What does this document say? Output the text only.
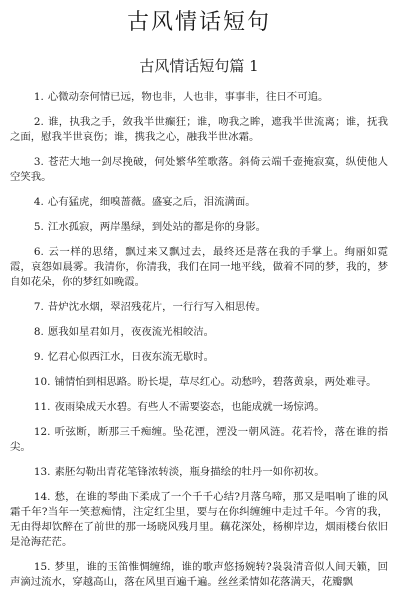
古风情话短句
古风情话短句篇 1

1. 心微动奈何情已远，物也非，人也非，事事非，往日不可追。

2. 谁，执我之手，敛我半世癫狂；谁，吻我之眸，遮我半世流离；谁，抚我之面，慰我半世哀伤；谁，携我之心，融我半世冰霜。

3. 苍茫大地一剑尽挽破，何处繁华笙歌落。斜倚云端千壶掩寂寞，纵使他人空笑我。

4. 心有猛虎，细嗅蔷薇。盛宴之后，泪流满面。

5. 江水孤寂，两岸墨绿，到处站的都是你的身影。

6. 云一样的思绪，飘过来又飘过去，最终还是落在我的手掌上。绚丽如霓霞，哀怨如晨雾。我清你，你清我，我们在同一地平线，做着不同的梦，我的，梦自如花朵，你的梦红如晚霞。

7. 昔炉沈水烟，翠沼残花片，一行行写入相思传。

8. 愿我如星君如月，夜夜流光相皎洁。

9. 忆君心似西江水，日夜东流无歇时。

10. 铺情怕到相思路。盼长堤，草尽红心。动愁吟，碧落黄泉，两处难寻。

11. 夜雨染成天水碧。有些人不需要姿态，也能成就一场惊鸿。

12. 听弦断，断那三千痴缠。坠花湮，湮没一朝风涟。花若怜，落在谁的指尖。

13. 素胚勾勒出青花笔锋浓转淡，瓶身描绘的牡丹一如你初妆。

14. 愁，在谁的琴曲下柔成了一个千千心结?月落乌啼，那又是唱响了谁的风霜千年?当年一笑惹痴情，注定红尘里，要与在你纠缠缠中走过千年。今宵的我，无由得却饮醉在了前世的那一场晓风残月里。藕花深处，杨柳岸边，烟雨楼台依旧是沧海茫茫。

15. 梦里，谁的玉笛惟惆缠绵，谁的歌声悠扬婉转?袅袅清音似人间天籁，回声滴过流水，穿越高山，落在风里百遍千遍。丝丝柔情如花落满天，花瓣飘
